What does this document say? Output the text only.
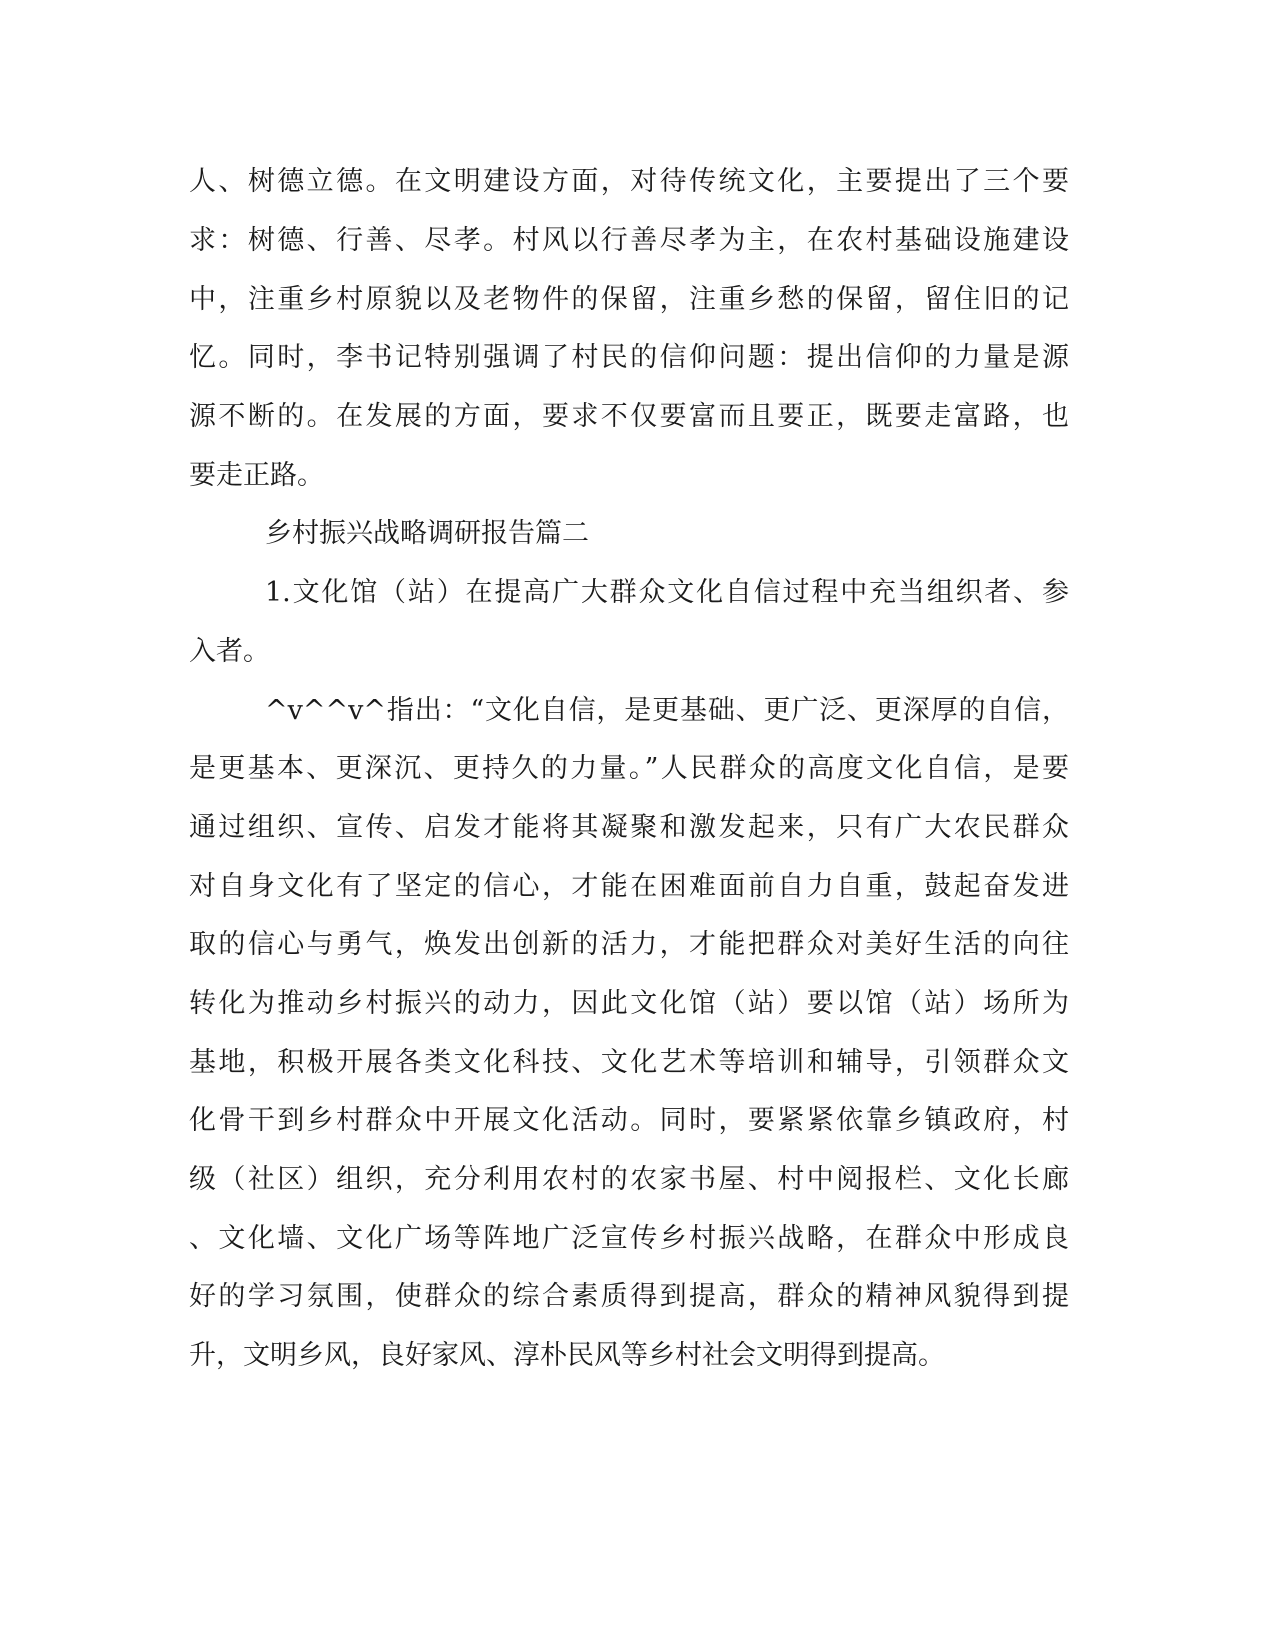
人、树德立德。在文明建设方面，对待传统文化，主要提出了三个要
求：树德、行善、尽孝。村风以行善尽孝为主，在农村基础设施建设
中，注重乡村原貌以及老物件的保留，注重乡愁的保留，留住旧的记
忆。同时，李书记特别强调了村民的信仰问题：提出信仰的力量是源
源不断的。在发展的方面，要求不仅要富而且要正，既要走富路，也
要走正路。
乡村振兴战略调研报告篇二
1.文化馆（站）在提高广大群众文化自信过程中充当组织者、参
入者。
^v^^v^指出：“文化自信，是更基础、更广泛、更深厚的自信，
是更基本、更深沉、更持久的力量。”人民群众的高度文化自信，是要
通过组织、宣传、启发才能将其凝聚和激发起来，只有广大农民群众
对自身文化有了坚定的信心，才能在困难面前自力自重，鼓起奋发进
取的信心与勇气，焕发出创新的活力，才能把群众对美好生活的向往
转化为推动乡村振兴的动力，因此文化馆（站）要以馆（站）场所为
基地，积极开展各类文化科技、文化艺术等培训和辅导，引领群众文
化骨干到乡村群众中开展文化活动。同时，要紧紧依靠乡镇政府，村
级（社区）组织，充分利用农村的农家书屋、村中阅报栏、文化长廊
、文化墙、文化广场等阵地广泛宣传乡村振兴战略，在群众中形成良
好的学习氛围，使群众的综合素质得到提高，群众的精神风貌得到提
升，文明乡风，良好家风、淳朴民风等乡村社会文明得到提高。
